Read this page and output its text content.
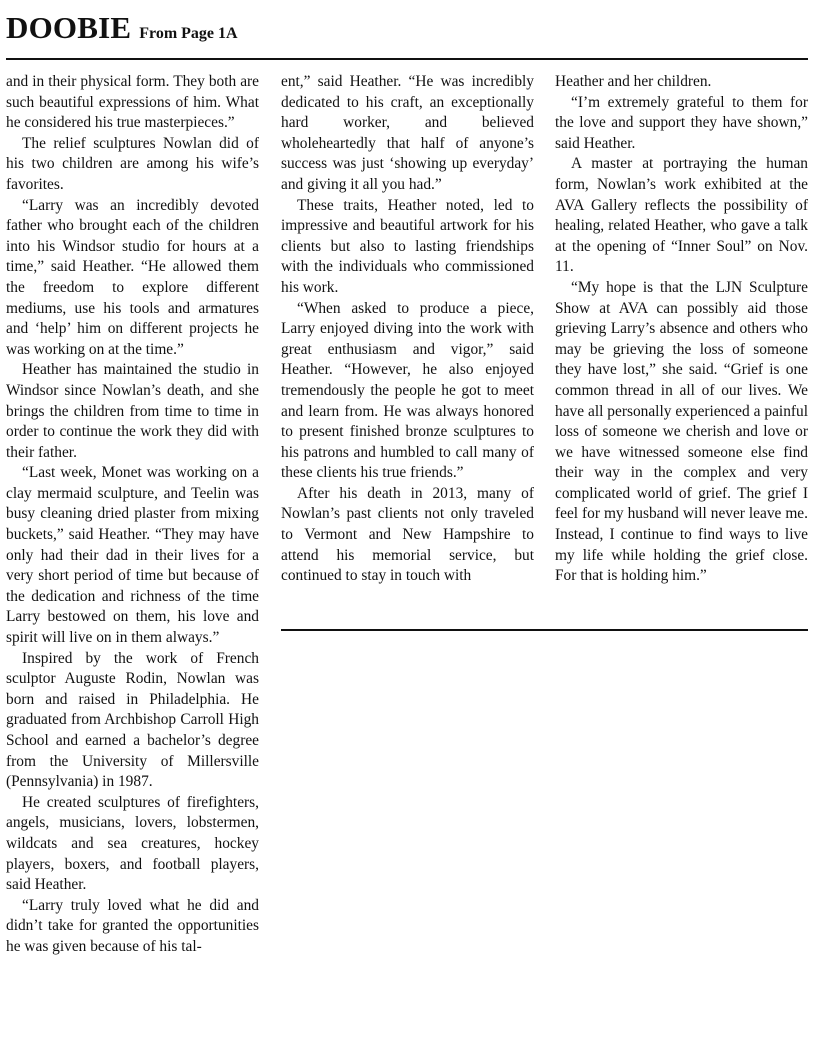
DOOBIE From Page 1A

and in their physical form. They both are such beautiful expressions of him. What he considered his true masterpieces.”

The relief sculptures Nowlan did of his two children are among his wife’s favorites.

“Larry was an incredibly devoted father who brought each of the children into his Windsor studio for hours at a time,” said Heather. “He allowed them the freedom to explore different mediums, use his tools and armatures and ‘help’ him on different projects he was working on at the time.”

Heather has maintained the studio in Windsor since Nowlan’s death, and she brings the children from time to time in order to continue the work they did with their father.

“Last week, Monet was working on a clay mermaid sculpture, and Teelin was busy cleaning dried plaster from mixing buckets,” said Heather. “They may have only had their dad in their lives for a very short period of time but because of the dedication and richness of the time Larry bestowed on them, his love and spirit will live on in them always.”

Inspired by the work of French sculptor Auguste Rodin, Nowlan was born and raised in Philadelphia. He graduated from Archbishop Carroll High School and earned a bachelor’s degree from the University of Millersville (Pennsylvania) in 1987.

He created sculptures of firefighters, angels, musicians, lovers, lobstermen, wildcats and sea creatures, hockey players, boxers, and football players, said Heather.

“Larry truly loved what he did and didn’t take for granted the opportunities he was given because of his tal-

ent,” said Heather. “He was incredibly dedicated to his craft, an exceptionally hard worker, and believed wholeheartedly that half of anyone’s success was just ‘showing up everyday’ and giving it all you had.”

These traits, Heather noted, led to impressive and beautiful artwork for his clients but also to lasting friendships with the individuals who commissioned his work.

“When asked to produce a piece, Larry enjoyed diving into the work with great enthusiasm and vigor,” said Heather. “However, he also enjoyed tremendously the people he got to meet and learn from. He was always honored to present finished bronze sculptures to his patrons and humbled to call many of these clients his true friends.”

After his death in 2013, many of Nowlan’s past clients not only traveled to Vermont and New Hampshire to attend his memorial service, but continued to stay in touch with

Heather and her children.

“I’m extremely grateful to them for the love and support they have shown,” said Heather.

A master at portraying the human form, Nowlan’s work exhibited at the AVA Gallery reflects the possibility of healing, related Heather, who gave a talk at the opening of “Inner Soul” on Nov. 11.

“My hope is that the LJN Sculpture Show at AVA can possibly aid those grieving Larry’s absence and others who may be grieving the loss of someone they have lost,” she said. “Grief is one common thread in all of our lives. We have all personally experienced a painful loss of someone we cherish and love or we have witnessed someone else find their way in the complex and very complicated world of grief. The grief I feel for my husband will never leave me. Instead, I continue to find ways to live my life while holding the grief close. For that is holding him.”
